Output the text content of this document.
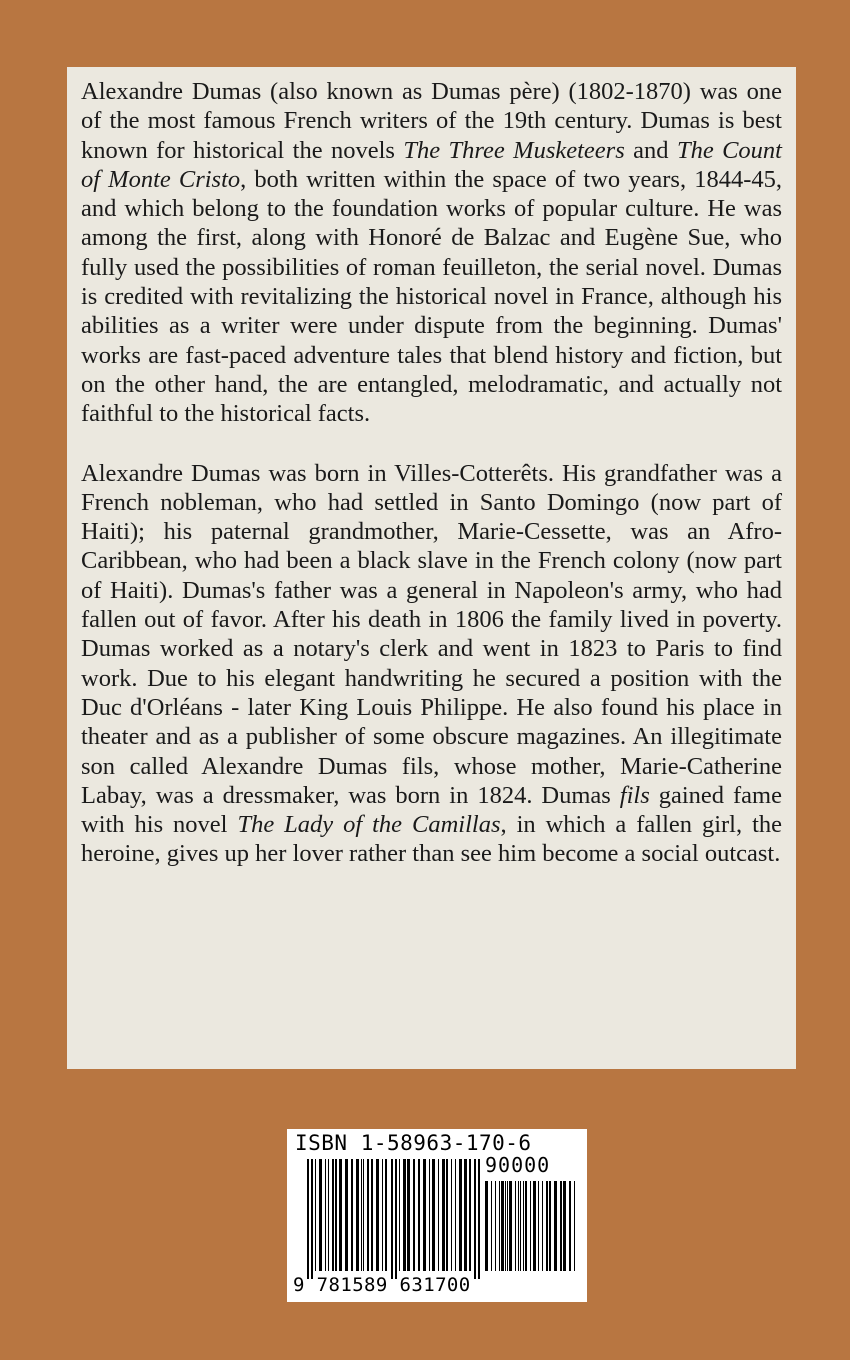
Alexandre Dumas (also known as Dumas père) (1802-1870) was one of the most famous French writers of the 19th century. Dumas is best known for historical the novels The Three Musketeers and The Count of Monte Cristo, both written within the space of two years, 1844-45, and which belong to the foundation works of popular culture. He was among the first, along with Honoré de Balzac and Eugène Sue, who fully used the possibilities of roman feuilleton, the serial novel. Dumas is credited with revitalizing the historical novel in France, although his abilities as a writer were under dispute from the beginning. Dumas' works are fast-paced adventure tales that blend history and fiction, but on the other hand, the are entangled, melodramatic, and actually not faithful to the historical facts.

Alexandre Dumas was born in Villes-Cotterêts. His grandfather was a French nobleman, who had settled in Santo Domingo (now part of Haiti); his paternal grandmother, Marie-Cessette, was an Afro-Caribbean, who had been a black slave in the French colony (now part of Haiti). Dumas's father was a general in Napoleon's army, who had fallen out of favor. After his death in 1806 the family lived in poverty. Dumas worked as a notary's clerk and went in 1823 to Paris to find work. Due to his elegant handwriting he secured a position with the Duc d'Orléans - later King Louis Philippe. He also found his place in theater and as a publisher of some obscure magazines. An illegitimate son called Alexandre Dumas fils, whose mother, Marie-Catherine Labay, was a dressmaker, was born in 1824. Dumas fils gained fame with his novel The Lady of the Camillas, in which a fallen girl, the heroine, gives up her lover rather than see him become a social outcast.

ISBN 1-58963-170-6
90000
9 781589 631700
